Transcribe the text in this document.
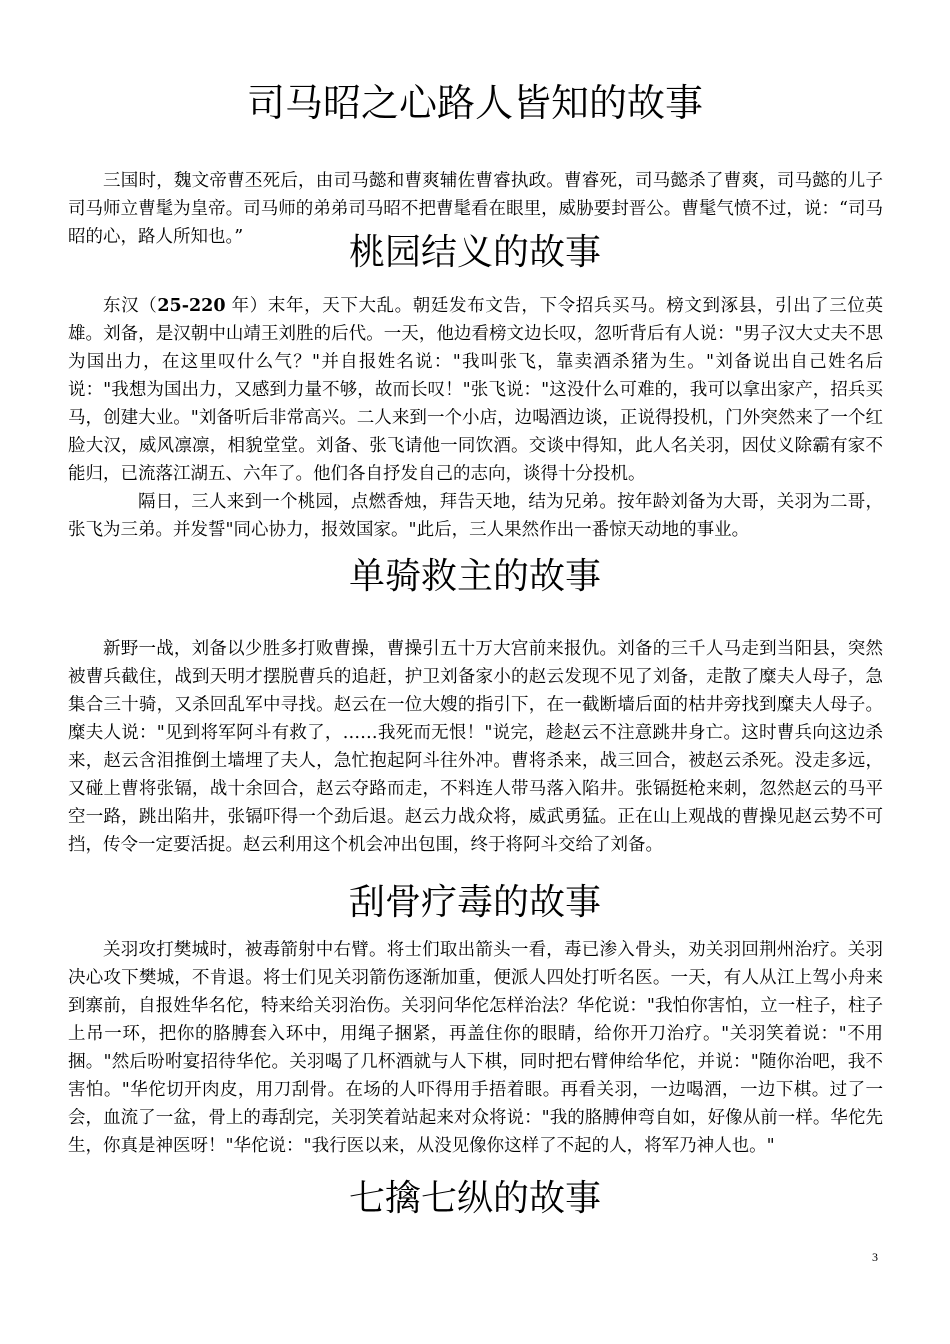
司马昭之心路人皆知的故事

三国时，魏文帝曹丕死后，由司马懿和曹爽辅佐曹睿执政。曹睿死，司马懿杀了曹爽，司马懿的儿子司马师立曹髦为皇帝。司马师的弟弟司马昭不把曹髦看在眼里，威胁要封晋公。曹髦气愤不过，说：“司马昭的心，路人所知也。”	桃园结义的故事

东汉（25-220 年）末年，天下大乱。朝廷发布文告，下令招兵买马。榜文到涿县，引出了三位英雄。刘备，是汉朝中山靖王刘胜的后代。一天，他边看榜文边长叹，忽听背后有人说："男子汉大丈夫不思为国出力，在这里叹什么气？"并自报姓名说："我叫张飞，靠卖酒杀猪为生。"刘备说出自己姓名后说："我想为国出力，又感到力量不够，故而长叹！"张飞说："这没什么可难的，我可以拿出家产，招兵买马，创建大业。"刘备听后非常高兴。二人来到一个小店，边喝酒边谈，正说得投机，门外突然来了一个红脸大汉，威风凛凛，相貌堂堂。刘备、张飞请他一同饮酒。交谈中得知，此人名关羽，因仗义除霸有家不能归，已流落江湖五、六年了。他们各自抒发自己的志向，谈得十分投机。

隔日，三人来到一个桃园，点燃香烛，拜告天地，结为兄弟。按年龄刘备为大哥，关羽为二哥，张飞为三弟。并发誓"同心协力，报效国家。"此后，三人果然作出一番惊天动地的事业。

单骑救主的故事

新野一战，刘备以少胜多打败曹操，曹操引五十万大宫前来报仇。刘备的三千人马走到当阳县，突然被曹兵截住，战到天明才摆脱曹兵的追赶，护卫刘备家小的赵云发现不见了刘备，走散了糜夫人母子，急集合三十骑，又杀回乱军中寻找。赵云在一位大嫂的指引下，在一截断墙后面的枯井旁找到糜夫人母子。糜夫人说："见到将军阿斗有救了，……我死而无恨！"说完，趁赵云不注意跳井身亡。这时曹兵向这边杀来，赵云含泪推倒土墙埋了夫人，急忙抱起阿斗往外冲。曹将杀来，战三回合，被赵云杀死。没走多远，又碰上曹将张镉，战十余回合，赵云夺路而走，不料连人带马落入陷井。张镉挺枪来刺，忽然赵云的马平空一路，跳出陷井，张镉吓得一个劲后退。赵云力战众将，威武勇猛。正在山上观战的曹操见赵云势不可挡，传令一定要活捉。赵云利用这个机会冲出包围，终于将阿斗交给了刘备。

刮骨疗毒的故事

关羽攻打樊城时，被毒箭射中右臂。将士们取出箭头一看，毒已渗入骨头，劝关羽回荆州治疗。关羽决心攻下樊城，不肯退。将士们见关羽箭伤逐渐加重，便派人四处打听名医。一天，有人从江上驾小舟来到寨前，自报姓华名佗，特来给关羽治伤。关羽问华佗怎样治法？华佗说："我怕你害怕，立一柱子，柱子上吊一环，把你的胳膊套入环中，用绳子捆紧，再盖住你的眼睛，给你开刀治疗。"关羽笑着说："不用捆。"然后吩咐宴招待华佗。关羽喝了几杯酒就与人下棋，同时把右臂伸给华佗，并说："随你治吧，我不害怕。"华佗切开肉皮，用刀刮骨。在场的人吓得用手捂着眼。再看关羽，一边喝酒，一边下棋。过了一会，血流了一盆，骨上的毒刮完，关羽笑着站起来对众将说："我的胳膊伸弯自如，好像从前一样。华佗先生，你真是神医呀！"华佗说："我行医以来，从没见像你这样了不起的人，将军乃神人也。"

七擒七纵的故事
3
